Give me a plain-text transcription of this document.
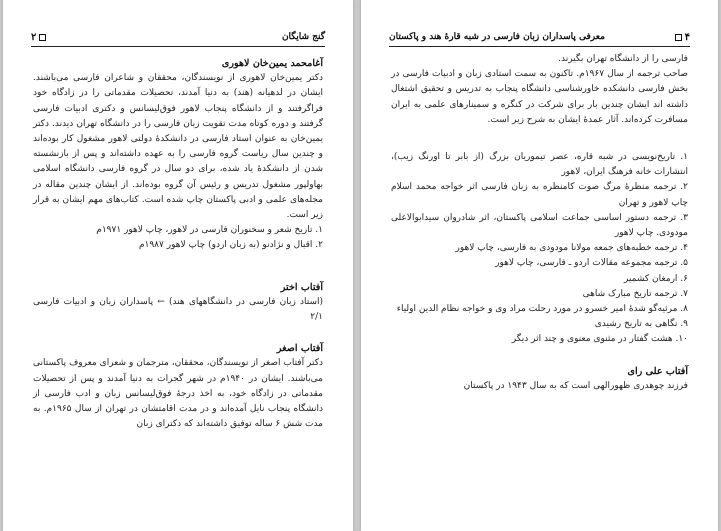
۲	گنج شایگان

آغامحمد یمین‌خان لاهوری

دکتر یمین‌خان لاهوری از نویسندگان، محققان و شاعران فارسی می‌باشند. ایشان در لدهیانه (هند) به دنیا آمدند، تحصیلات مقدماتی را در زادگاه خود فراگرفتند و از دانشگاه پنجاب لاهور فوق‌لیسانس و دکتری ادبیات فارسی گرفتند و دوره کوتاه مدت تقویت زبان فارسی را در دانشگاه تهران دیدند. دکتر یمین‌خان به عنوان استاد فارسی در دانشکدهٔ دولتی لاهور مشغول کار بوده‌اند و چندین سال ریاست گروه فارسی را به عهده داشته‌اند و پس از بازنشسته شدن از دانشکدهٔ یاد شده، برای دو سال در گروه فارسی دانشگاه اسلامی بهاولپور مشغول تدریس و رئیس آن گروه بوده‌اند. از ایشان چندین مقاله در مجله‌های علمی و ادبی پاکستان چاپ شده است. کتاب‌های مهم ایشان به قرار زیر است.

۱. تاریخ شعر و سخنوران فارسی در لاهور، چاپ لاهور ۱۹۷۱م
۲. اقبال و نژادنو (به زبان اردو) چاپ لاهور ۱۹۸۷م

آفتاب اختر

(استاد زبان فارسی در دانشگاههای هند) ← پاسداران زبان و ادبیات فارسی ۲/۱

آفتاب اصغر

دکتر آفتاب اصغر از نویسندگان، محققان، مترجمان و شعرای معروف پاکستانی می‌باشند. ایشان در ۱۹۴۰م در شهر گجرات به دنیا آمدند و پس از تحصیلات مقدماتی در زادگاه خود، به اخذ درجهٔ فوق‌لیسانس زبان و ادب فارسی از دانشگاه پنجاب نایل آمده‌اند و در مدت اقامتشان در تهران از سال ۱۹۶۵م. به مدت شش ۶ ساله توفیق داشته‌اند که دکترای زبان

معرفی پاسداران زبان فارسی در شبه قارهٔ هند و پاکستان	۴

فارسی را از دانشگاه تهران بگیرند.

صاحب ترجمه از سال ۱۹۶۷م. تاکنون به سمت استادی زبان و ادبیات فارسی در بخش فارسی دانشکده خاورشناسی دانشگاه پنجاب به تدریس و تحقیق اشتغال داشته اند ایشان چندین بار برای شرکت در کنگره و سمینارهای علمی به ایران مسافرت کرده‌اند. آثار عمدهٔ ایشان به شرح زیر است.

۱. تاریخ‌نویسی در شبه قاره، عصر تیموریان بزرگ (از بابر تا اورنگ زیب)، انتشارات خانه فرهنگ ایران، لاهور
۲. ترجمه منظرهٔ مرگ صوت کامنظره به زبان فارسی اثر خواجه محمد اسلام چاپ لاهور و تهران
۳. ترجمه دستور اساسی جماعت اسلامی پاکستان، اثر شادروان سیدابوالاعلی مودودی. چاپ لاهور
۴. ترجمه خطبه‌های جمعه مولانا مودودی به فارسی، چاپ لاهور
۵. ترجمه مجموعه مقالات اردو ـ فارسی، چاپ لاهور
۶. ارمغان کشمیر
۷. ترجمه تاریخ مبارک شاهی
۸. مرثیه‌گو شدهٔ امیر خسرو در مورد رحلت مراد وی و خواجه نظام الدین اولیاء
۹. نگاهی به تاریخ رشیدی
۱۰. هشت گفتار در مثنوی معنوی و چند اثر دیگر

آفتاب علی رای

فرزند چوهدری ظهورالهی است که به سال ۱۹۴۳ در پاکستان
